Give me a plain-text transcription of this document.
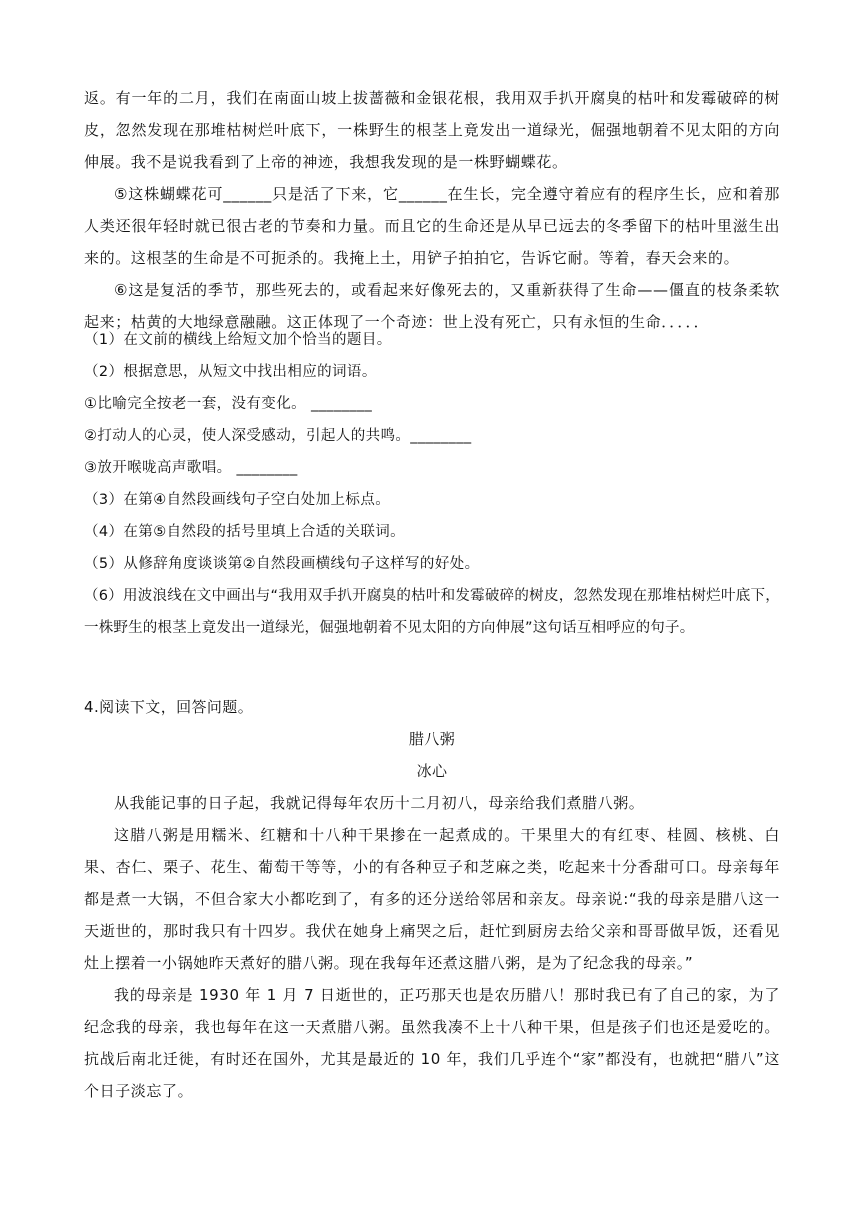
返。有一年的二月，我们在南面山坡上拔蔷薇和金银花根，我用双手扒开腐臭的枯叶和发霉破碎的树皮，忽然发现在那堆枯树烂叶底下，一株野生的根茎上竟发出一道绿光，倔强地朝着不见太阳的方向伸展。我不是说我看到了上帝的神迹，我想我发现的是一株野蝴蝶花。

⑤这株蝴蝶花可______只是活了下来，它______在生长，完全遵守着应有的程序生长，应和着那人类还很年轻时就已很古老的节奏和力量。而且它的生命还是从早已远去的冬季留下的枯叶里滋生出来的。这根茎的生命是不可扼杀的。我掩上土，用铲子拍拍它，告诉它耐。等着，春天会来的。

⑥这是复活的季节，那些死去的，或看起来好像死去的，又重新获得了生命——僵直的枝条柔软起来；枯黄的大地绿意融融。这正体现了一个奇迹：世上没有死亡，只有永恒的生命．．．．．

（1）在文前的横线上给短文加个恰当的题目。

（2）根据意思，从短文中找出相应的词语。

①比喻完全按老一套，没有变化。 ________

②打动人的心灵，使人深受感动，引起人的共鸣。________

③放开喉咙高声歌唱。 ________

（3）在第④自然段画线句子空白处加上标点。

（4）在第⑤自然段的括号里填上合适的关联词。

（5）从修辞角度谈谈第②自然段画横线句子这样写的好处。

（6）用波浪线在文中画出与“我用双手扒开腐臭的枯叶和发霉破碎的树皮，忽然发现在那堆枯树烂叶底下，一株野生的根茎上竟发出一道绿光，倔强地朝着不见太阳的方向伸展”这句话互相呼应的句子。

4.阅读下文，回答问题。

腊八粥

冰心

从我能记事的日子起，我就记得每年农历十二月初八，母亲给我们煮腊八粥。

这腊八粥是用糯米、红糖和十八种干果掺在一起煮成的。干果里大的有红枣、桂圆、核桃、白果、杏仁、栗子、花生、葡萄干等等，小的有各种豆子和芝麻之类，吃起来十分香甜可口。母亲每年都是煮一大锅，不但合家大小都吃到了，有多的还分送给邻居和亲友。母亲说:“我的母亲是腊八这一天逝世的，那时我只有十四岁。我伏在她身上痛哭之后，赶忙到厨房去给父亲和哥哥做早饭，还看见灶上摆着一小锅她昨天煮好的腊八粥。现在我每年还煮这腊八粥，是为了纪念我的母亲。”

我的母亲是 1930 年 1 月 7 日逝世的，正巧那天也是农历腊八！那时我已有了自己的家，为了纪念我的母亲，我也每年在这一天煮腊八粥。虽然我凑不上十八种干果，但是孩子们也还是爱吃的。抗战后南北迁徙，有时还在国外，尤其是最近的 10 年，我们几乎连个“家”都没有，也就把“腊八”这个日子淡忘了。
